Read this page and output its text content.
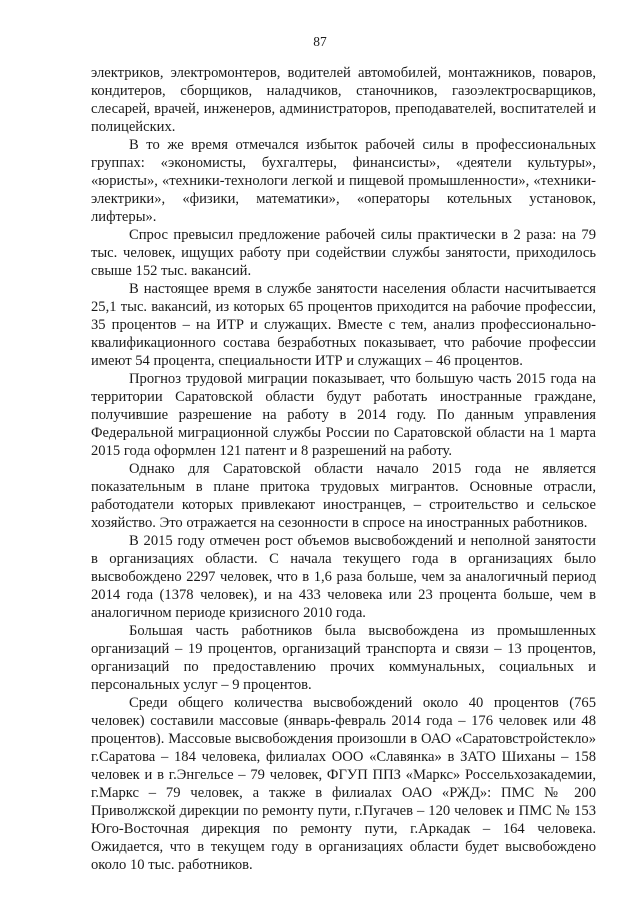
87

электриков, электромонтеров, водителей автомобилей, монтажников, поваров, кондитеров, сборщиков, наладчиков, станочников, газоэлектросварщиков, слесарей, врачей, инженеров, администраторов, преподавателей, воспитателей и полицейских.

В то же время отмечался избыток рабочей силы в профессиональных группах: «экономисты, бухгалтеры, финансисты», «деятели культуры», «юристы», «техники-технологи легкой и пищевой промышленности», «техники-электрики», «физики, математики», «операторы котельных установок, лифтеры».

Спрос превысил предложение рабочей силы практически в 2 раза: на 79 тыс. человек, ищущих работу при содействии службы занятости, приходилось свыше 152 тыс. вакансий.

В настоящее время в службе занятости населения области насчитывается 25,1 тыс. вакансий, из которых 65 процентов приходится на рабочие профессии, 35 процентов – на ИТР и служащих. Вместе с тем, анализ профессионально-квалификационного состава безработных показывает, что рабочие профессии имеют 54 процента, специальности ИТР и служащих – 46 процентов.

Прогноз трудовой миграции показывает, что большую часть 2015 года на территории Саратовской области будут работать иностранные граждане, получившие разрешение на работу в 2014 году. По данным управления Федеральной миграционной службы России по Саратовской области на 1 марта 2015 года оформлен 121 патент и 8 разрешений на работу.

Однако для Саратовской области начало 2015 года не является показательным в плане притока трудовых мигрантов. Основные отрасли, работодатели которых привлекают иностранцев, – строительство и сельское хозяйство. Это отражается на сезонности в спросе на иностранных работников.

В 2015 году отмечен рост объемов высвобождений и неполной занятости в организациях области. С начала текущего года в организациях было высвобождено 2297 человек, что в 1,6 раза больше, чем за аналогичный период 2014 года (1378 человек), и на 433 человека или 23 процента больше, чем в аналогичном периоде кризисного 2010 года.

Большая часть работников была высвобождена из промышленных организаций – 19 процентов, организаций транспорта и связи – 13 процентов, организаций по предоставлению прочих коммунальных, социальных и персональных услуг – 9 процентов.

Среди общего количества высвобождений около 40 процентов (765 человек) составили массовые (январь-февраль 2014 года – 176 человек или 48 процентов). Массовые высвобождения произошли в ОАО «Саратовстройстекло» г.Саратова – 184 человека, филиалах ООО «Славянка» в ЗАТО Шиханы – 158 человек и в г.Энгельсе – 79 человек, ФГУП ППЗ «Маркс» Россельхозакадемии, г.Маркс – 79 человек, а также в филиалах ОАО «РЖД»: ПМС № 200 Приволжской дирекции по ремонту пути, г.Пугачев – 120 человек и ПМС № 153 Юго-Восточная дирекция по ремонту пути, г.Аркадак – 164 человека. Ожидается, что в текущем году в организациях области будет высвобождено около 10 тыс. работников.
